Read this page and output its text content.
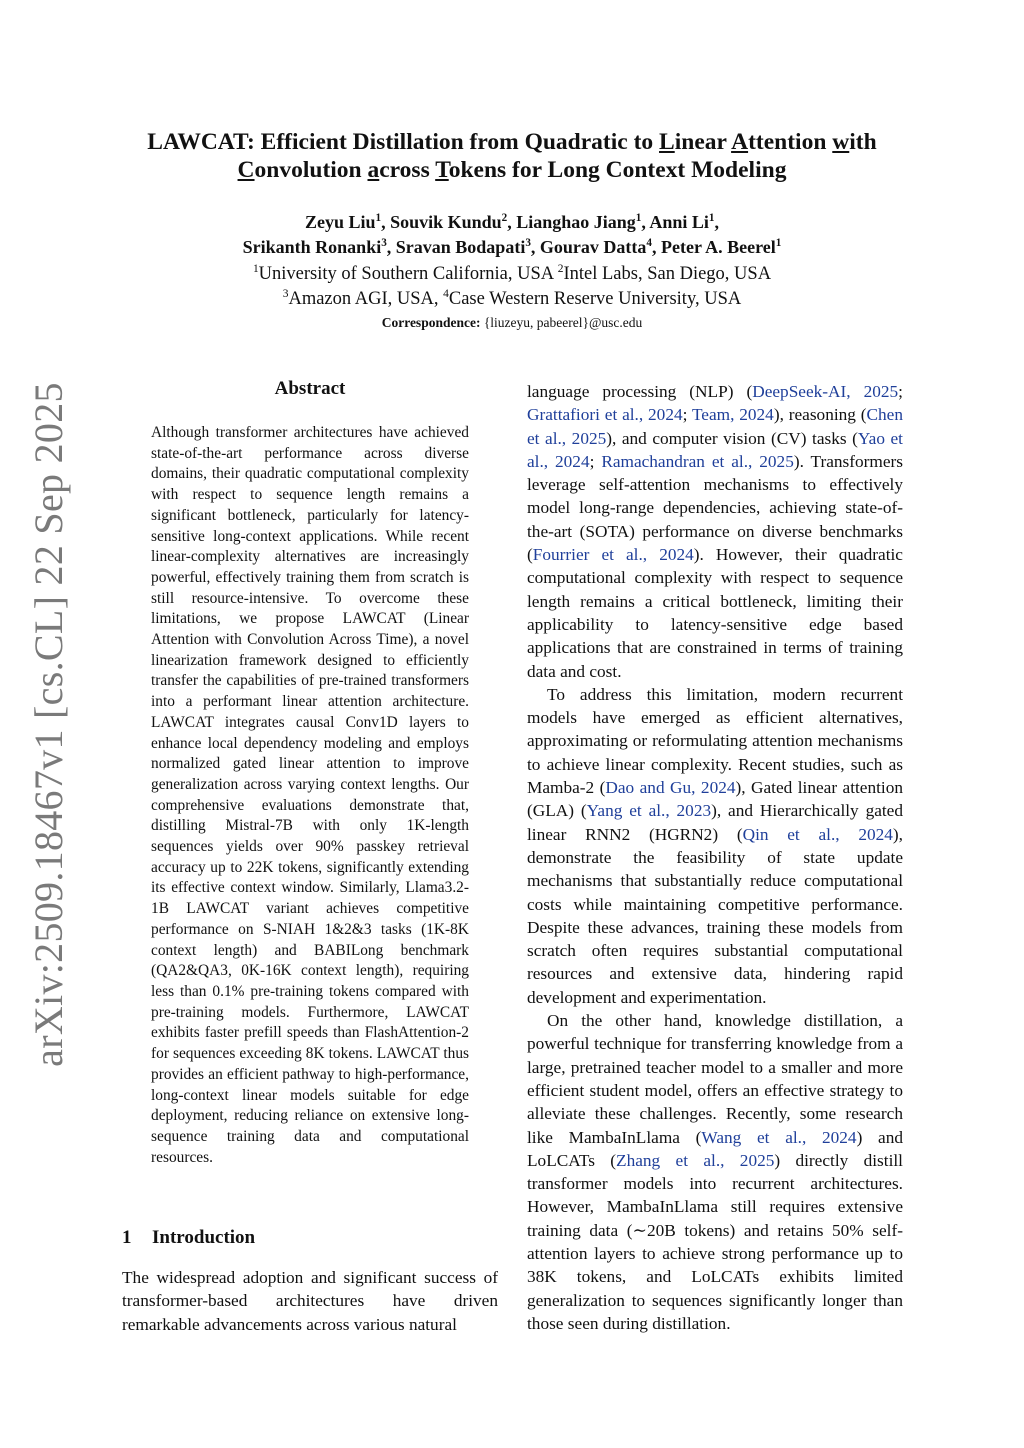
arXiv:2509.18467v1 [cs.CL] 22 Sep 2025
LAWCAT: Efficient Distillation from Quadratic to Linear Attention with
Convolution across Tokens for Long Context Modeling
Zeyu Liu$^1$, Souvik Kundu$^2$, Lianghao Jiang$^1$, Anni Li$^1$,
Srikanth Ronanki$^3$, Sravan Bodapati$^3$, Gourav Datta$^4$, Peter A. Beerel$^1$
$^1$University of Southern California, USA $^2$Intel Labs, San Diego, USA
$^3$Amazon AGI, USA, $^4$Case Western Reserve University, USA
Correspondence: {liuzeyu, pabeerel}@usc.edu
Abstract
Although transformer architectures have achieved state-of-the-art performance across diverse domains, their quadratic computational complexity with respect to sequence length remains a significant bottleneck, particularly for latency-sensitive long-context applications. While recent linear-complexity alternatives are increasingly powerful, effectively training them from scratch is still resource-intensive. To overcome these limitations, we propose LAWCAT (Linear Attention with Convolution Across Time), a novel linearization framework designed to efficiently transfer the capabilities of pre-trained transformers into a performant linear attention architecture. LAWCAT integrates causal Conv1D layers to enhance local dependency modeling and employs normalized gated linear attention to improve generalization across varying context lengths. Our comprehensive evaluations demonstrate that, distilling Mistral-7B with only 1K-length sequences yields over 90% passkey retrieval accuracy up to 22K tokens, significantly extending its effective context window. Similarly, Llama3.2-1B LAWCAT variant achieves competitive performance on S-NIAH 1&2&3 tasks (1K-8K context length) and BABILong benchmark (QA2&QA3, 0K-16K context length), requiring less than 0.1% pre-training tokens compared with pre-training models. Furthermore, LAWCAT exhibits faster prefill speeds than FlashAttention-2 for sequences exceeding 8K tokens. LAWCAT thus provides an efficient pathway to high-performance, long-context linear models suitable for edge deployment, reducing reliance on extensive long-sequence training data and computational resources.
1 Introduction
The widespread adoption and significant success of transformer-based architectures have driven remarkable advancements across various natural

language processing (NLP) (DeepSeek-AI, 2025; Grattafiori et al., 2024; Team, 2024), reasoning (Chen et al., 2025), and computer vision (CV) tasks (Yao et al., 2024; Ramachandran et al., 2025). Transformers leverage self-attention mechanisms to effectively model long-range dependencies, achieving state-of-the-art (SOTA) performance on diverse benchmarks (Fourrier et al., 2024). However, their quadratic computational complexity with respect to sequence length remains a critical bottleneck, limiting their applicability to latency-sensitive edge based applications that are constrained in terms of training data and cost.

To address this limitation, modern recurrent models have emerged as efficient alternatives, approximating or reformulating attention mechanisms to achieve linear complexity. Recent studies, such as Mamba-2 (Dao and Gu, 2024), Gated linear attention (GLA) (Yang et al., 2023), and Hierarchically gated linear RNN2 (HGRN2) (Qin et al., 2024), demonstrate the feasibility of state update mechanisms that substantially reduce computational costs while maintaining competitive performance. Despite these advances, training these models from scratch often requires substantial computational resources and extensive data, hindering rapid development and experimentation.

On the other hand, knowledge distillation, a powerful technique for transferring knowledge from a large, pretrained teacher model to a smaller and more efficient student model, offers an effective strategy to alleviate these challenges. Recently, some research like MambaInLlama (Wang et al., 2024) and LoLCATs (Zhang et al., 2025) directly distill transformer models into recurrent architectures. However, MambaInLlama still requires extensive training data (∼20B tokens) and retains 50% self-attention layers to achieve strong performance up to 38K tokens, and LoLCATs exhibits limited generalization to sequences significantly longer than those seen during distillation.
